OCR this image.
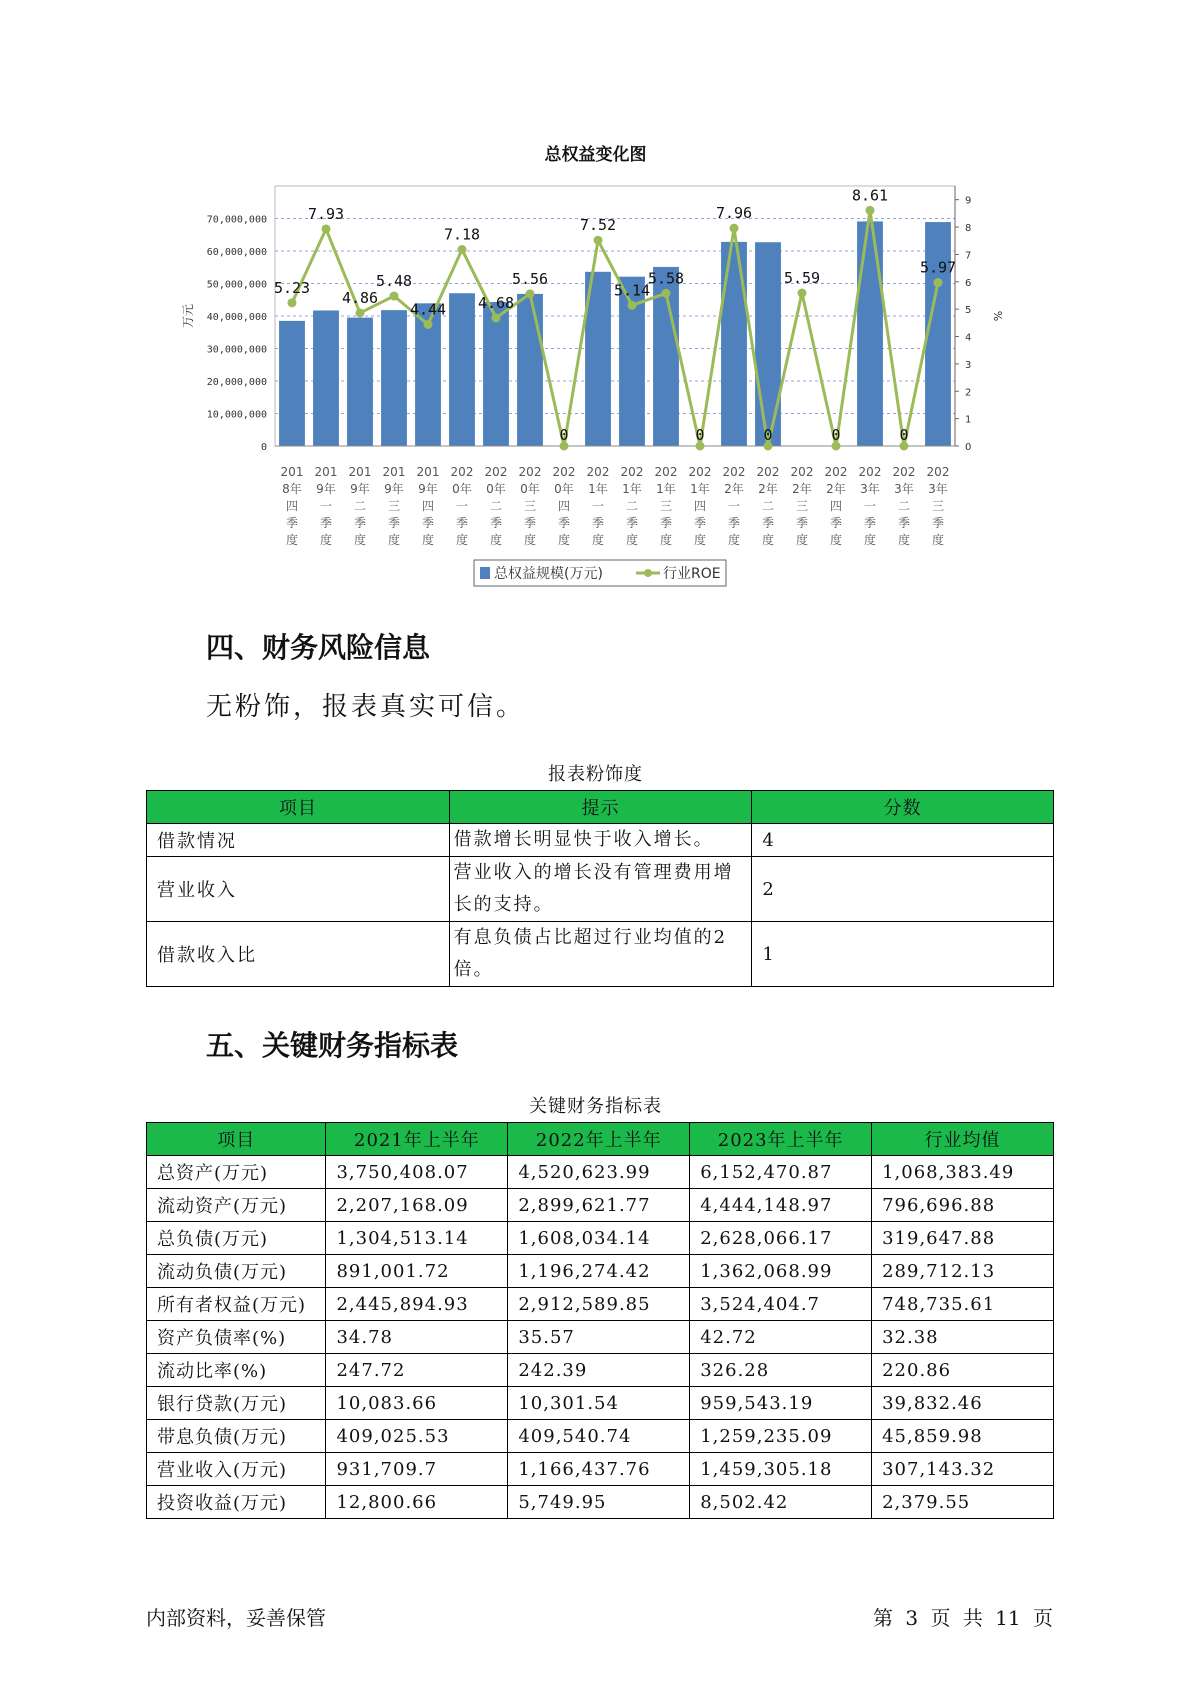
总权益变化图
0
10,000,000
20,000,000
30,000,000
40,000,000
50,000,000
60,000,000
70,000,000
0
1
2
3
4
5
6
7
8
9
万元	%
201
8年
四
季
度
201
9年
一
季
度
201
9年
二
季
度
201
9年
三
季
度
201
9年
四
季
度
202
0年
一
季
度
202
0年
二
季
度
202
0年
三
季
度
202
0年
四
季
度
202
1年
一
季
度
202
1年
二
季
度
202
1年
三
季
度
202
1年
四
季
度
202
2年
一
季
度
202
2年
二
季
度
202
2年
三
季
度
202
2年
四
季
度
202
3年
一
季
度
202
3年
二
季
度
202
3年
三
季
度
5.23
7.93
4.86
5.48
4.44
7.18
4.68
5.56
0
7.52
5.14
5.58
0
7.96
0
5.59
0
8.61
0
5.97
总权益规模(万元)	行业ROE
四、财务风险信息
无粉饰，报表真实可信。
报表粉饰度
项目	提示	分数
借款情况	借款增长明显快于收入增长。	4
营业收入	营业收入的增长没有管理费用增长的支持。	2
借款收入比	有息负债占比超过行业均值的2倍。	1
五、关键财务指标表
关键财务指标表
项目	2021年上半年	2022年上半年	2023年上半年	行业均值
总资产(万元)	3,750,408.07	4,520,623.99	6,152,470.87	1,068,383.49
流动资产(万元)	2,207,168.09	2,899,621.77	4,444,148.97	796,696.88
总负债(万元)	1,304,513.14	1,608,034.14	2,628,066.17	319,647.88
流动负债(万元)	891,001.72	1,196,274.42	1,362,068.99	289,712.13
所有者权益(万元)	2,445,894.93	2,912,589.85	3,524,404.7	748,735.61
资产负债率(%)	34.78	35.57	42.72	32.38
流动比率(%)	247.72	242.39	326.28	220.86
银行贷款(万元)	10,083.66	10,301.54	959,543.19	39,832.46
带息负债(万元)	409,025.53	409,540.74	1,259,235.09	45,859.98
营业收入(万元)	931,709.7	1,166,437.76	1,459,305.18	307,143.32
投资收益(万元)	12,800.66	5,749.95	8,502.42	2,379.55
内部资料，妥善保管	第 3 页 共 11 页
